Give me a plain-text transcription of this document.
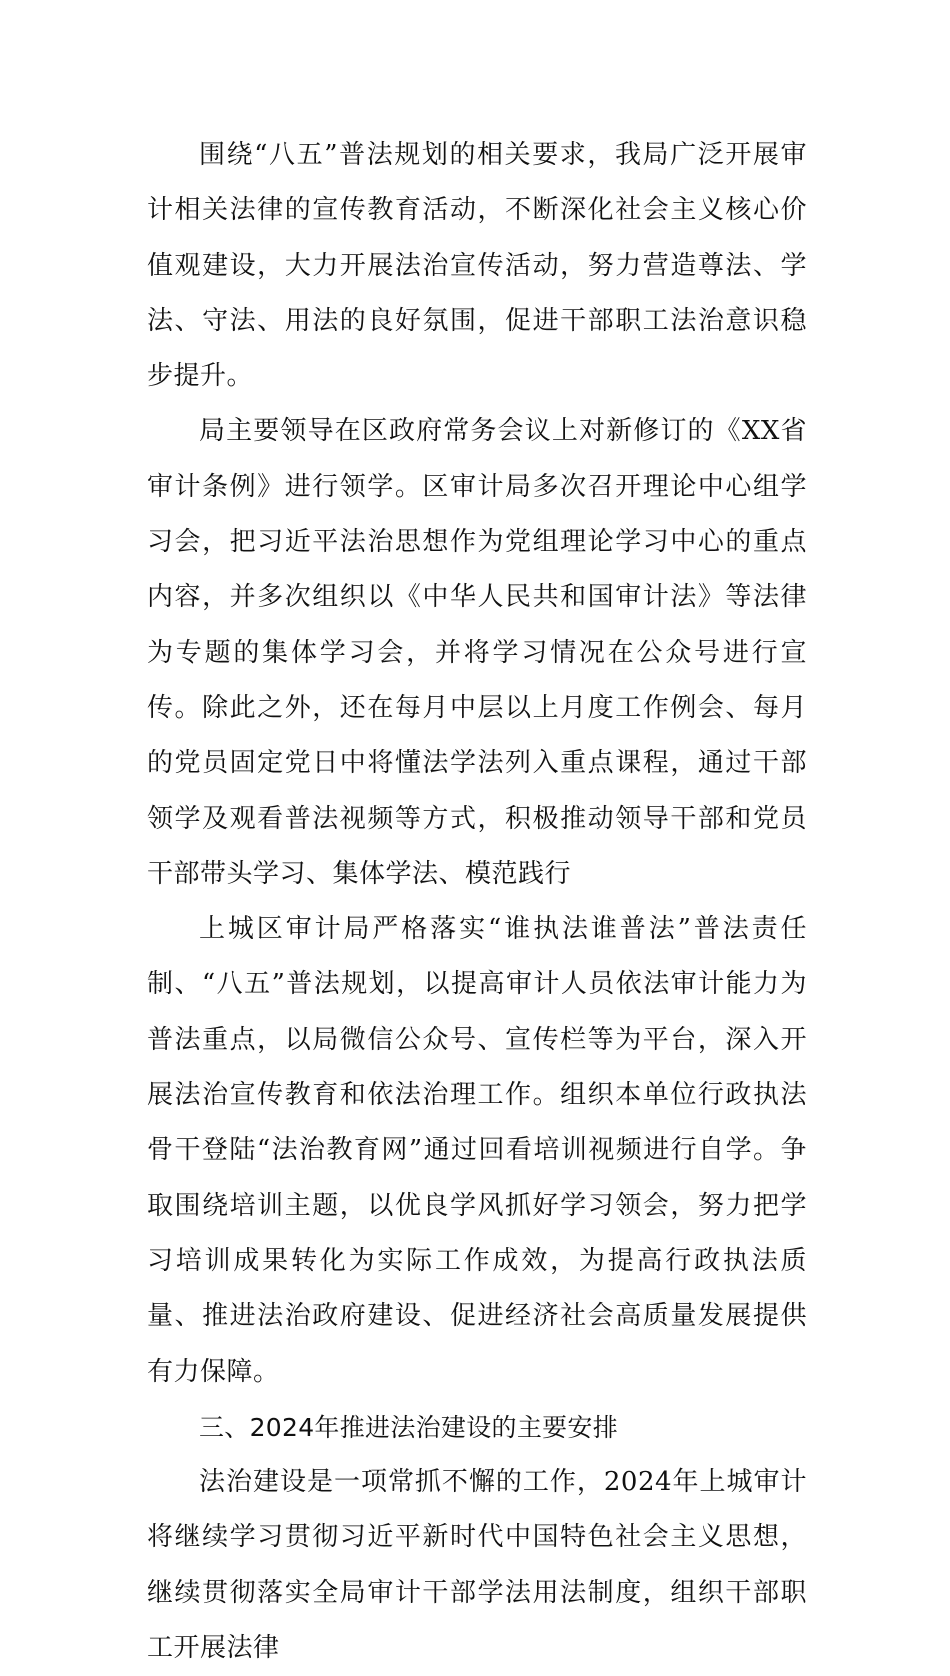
围绕“八五”普法规划的相关要求，我局广泛开展审计相关法律的宣传教育活动，不断深化社会主义核心价值观建设，大力开展法治宣传活动，努力营造尊法、学法、守法、用法的良好氛围，促进干部职工法治意识稳步提升。

局主要领导在区政府常务会议上对新修订的《XX省审计条例》进行领学。区审计局多次召开理论中心组学习会，把习近平法治思想作为党组理论学习中心的重点内容，并多次组织以《中华人民共和国审计法》等法律为专题的集体学习会，并将学习情况在公众号进行宣传。除此之外，还在每月中层以上月度工作例会、每月的党员固定党日中将懂法学法列入重点课程，通过干部领学及观看普法视频等方式，积极推动领导干部和党员干部带头学习、集体学法、模范践行

上城区审计局严格落实“谁执法谁普法”普法责任制、“八五”普法规划，以提高审计人员依法审计能力为普法重点，以局微信公众号、宣传栏等为平台，深入开展法治宣传教育和依法治理工作。组织本单位行政执法骨干登陆“法治教育网”通过回看培训视频进行自学。争取围绕培训主题，以优良学风抓好学习领会，努力把学习培训成果转化为实际工作成效，为提高行政执法质量、推进法治政府建设、促进经济社会高质量发展提供有力保障。

三、2024年推进法治建设的主要安排

法治建设是一项常抓不懈的工作，2024年上城审计将继续学习贯彻习近平新时代中国特色社会主义思想，继续贯彻落实全局审计干部学法用法制度，组织干部职工开展法律
